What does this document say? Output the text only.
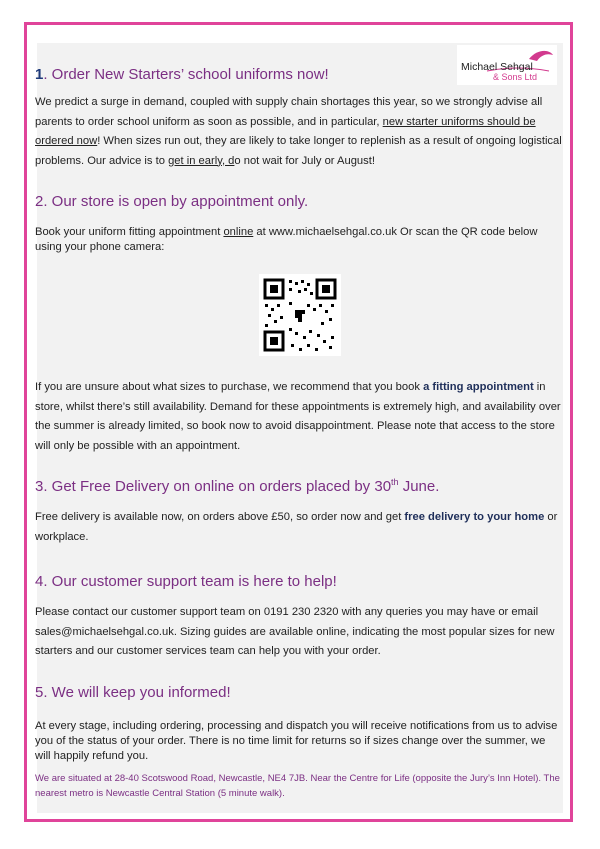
Michael Sehgal
& Sons Ltd
1. Order New Starters’ school uniforms now!

We predict a surge in demand, coupled with supply chain shortages this year, so we strongly advise all parents to order school uniform as soon as possible, and in particular, new starter uniforms should be ordered now! When sizes run out, they are likely to take longer to replenish as a result of ongoing logistical problems. Our advice is to get in early, do not wait for July or August!

2. Our store is open by appointment only.

Book your uniform fitting appointment online at www.michaelsehgal.co.uk Or scan the QR code below using your phone camera:

If you are unsure about what sizes to purchase, we recommend that you book a fitting appointment in store, whilst there’s still availability. Demand for these appointments is extremely high, and availability over the summer is already limited, so book now to avoid disappointment. Please note that access to the store will only be possible with an appointment.

3. Get Free Delivery on online on orders placed by 30th June.

Free delivery is available now, on orders above £50, so order now and get free delivery to your home or workplace.

4. Our customer support team is here to help!

Please contact our customer support team on 0191 230 2320 with any queries you may have or email sales@michaelsehgal.co.uk. Sizing guides are available online, indicating the most popular sizes for new starters and our customer services team can help you with your order.

5. We will keep you informed!

At every stage, including ordering, processing and dispatch you will receive notifications from us to advise you of the status of your order. There is no time limit for returns so if sizes change over the summer, we will happily refund you.

We are situated at 28-40 Scotswood Road, Newcastle, NE4 7JB. Near the Centre for Life (opposite the Jury’s Inn Hotel). The nearest metro is Newcastle Central Station (5 minute walk).
